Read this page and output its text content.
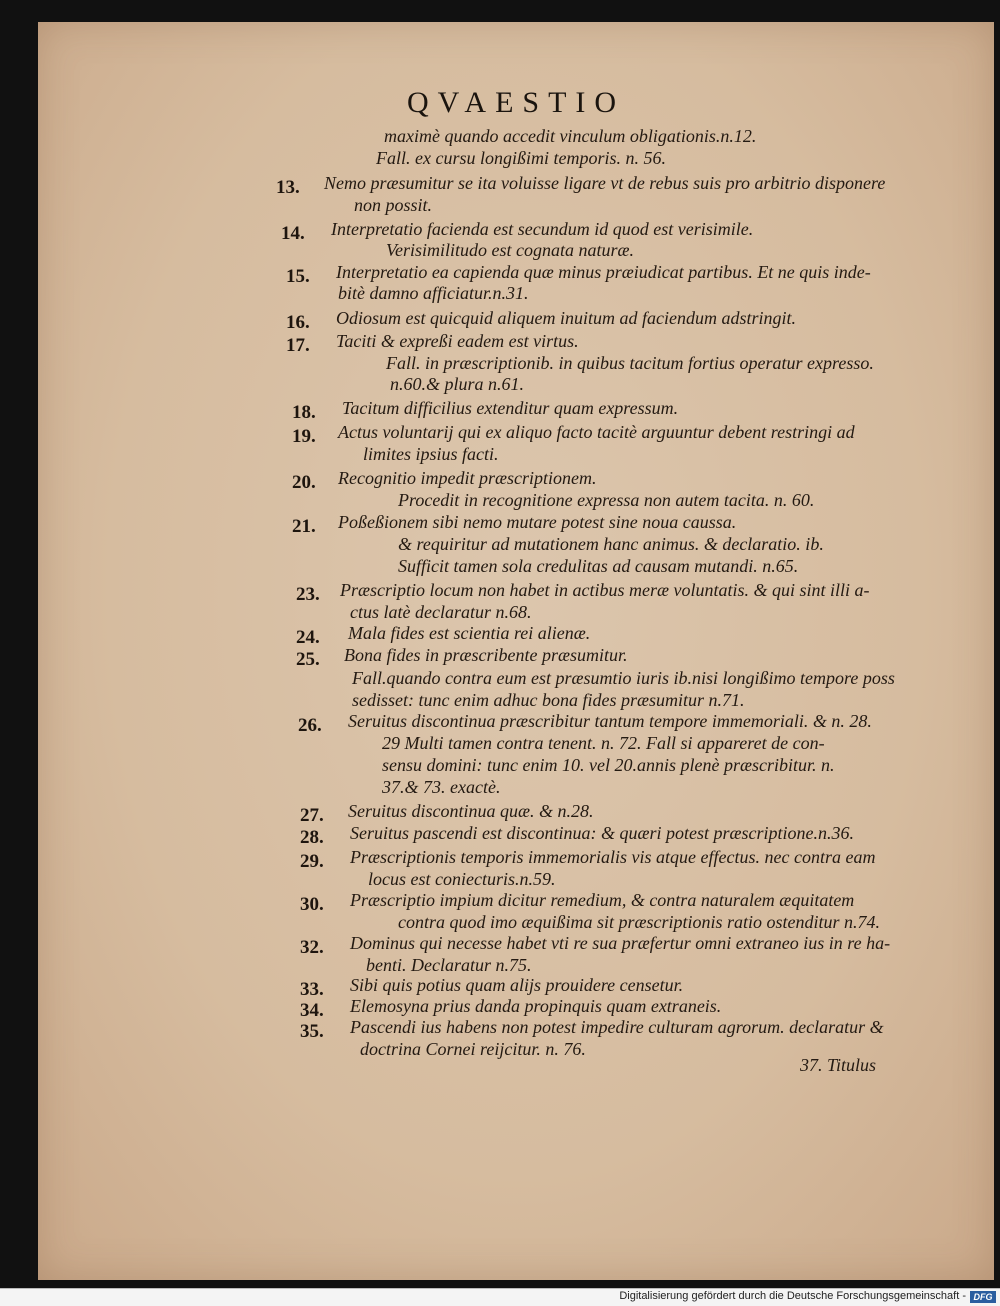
QVAESTIO
maximè quando accedit vinculum obligationis.n.12.
Fall. ex cursu longißimi temporis. n. 56.
13. Nemo præsumitur se ita voluisse ligare vt de rebus suis pro arbitrio disponere
non possit.
14. Interpretatio facienda est secundum id quod est verisimile.
Verisimilitudo est cognata naturæ.
15. Interpretatio ea capienda quæ minus præiudicat partibus. Et ne quis inde-
bitè damno afficiatur.n.31.
16. Odiosum est quicquid aliquem inuitum ad faciendum adstringit.
17. Taciti & expreßi eadem est virtus.
Fall. in præscriptionib. in quibus tacitum fortius operatur expresso.
n.60.& plura n.61.
18. Tacitum difficilius extenditur quam expressum.
19. Actus voluntarij qui ex aliquo facto tacitè arguuntur debent restringi ad
limites ipsius facti.
20. Recognitio impedit præscriptionem.
Procedit in recognitione expressa non autem tacita. n. 60.
21. Poßeßionem sibi nemo mutare potest sine noua caussa.
& requiritur ad mutationem hanc animus. & declaratio. ib.
Sufficit tamen sola credulitas ad causam mutandi. n.65.
23. Præscriptio locum non habet in actibus meræ voluntatis. & qui sint illi a-
ctus latè declaratur n.68.
24. Mala fides est scientia rei alienæ.
25. Bona fides in præscribente præsumitur.
Fall.quando contra eum est præsumtio iuris ib.nisi longißimo tempore poss
sedisset: tunc enim adhuc bona fides præsumitur n.71.
26. Seruitus discontinua præscribitur tantum tempore immemoriali. & n. 28.
29 Multi tamen contra tenent. n. 72. Fall si appareret de con-
sensu domini: tunc enim 10. vel 20.annis plenè præscribitur. n.
37.& 73. exactè.
27. Seruitus discontinua quæ. & n.28.
28. Seruitus pascendi est discontinua: & quæri potest præscriptione.n.36.
29. Præscriptionis temporis immemorialis vis atque effectus. nec contra eam
locus est coniecturis.n.59.
30. Præscriptio impium dicitur remedium, & contra naturalem æquitatem
contra quod imo æquißima sit præscriptionis ratio ostenditur n.74.
32. Dominus qui necesse habet vti re sua præfertur omni extraneo ius in re ha-
benti. Declaratur n.75.
33. Sibi quis potius quam alijs prouidere censetur.
34. Elemosyna prius danda propinquis quam extraneis.
35. Pascendi ius habens non potest impedire culturam agrorum. declaratur &
doctrina Cornei reijcitur. n. 76.
37. Titulus
Digitalisierung gefördert durch die Deutsche Forschungsgemeinschaft - DFG
